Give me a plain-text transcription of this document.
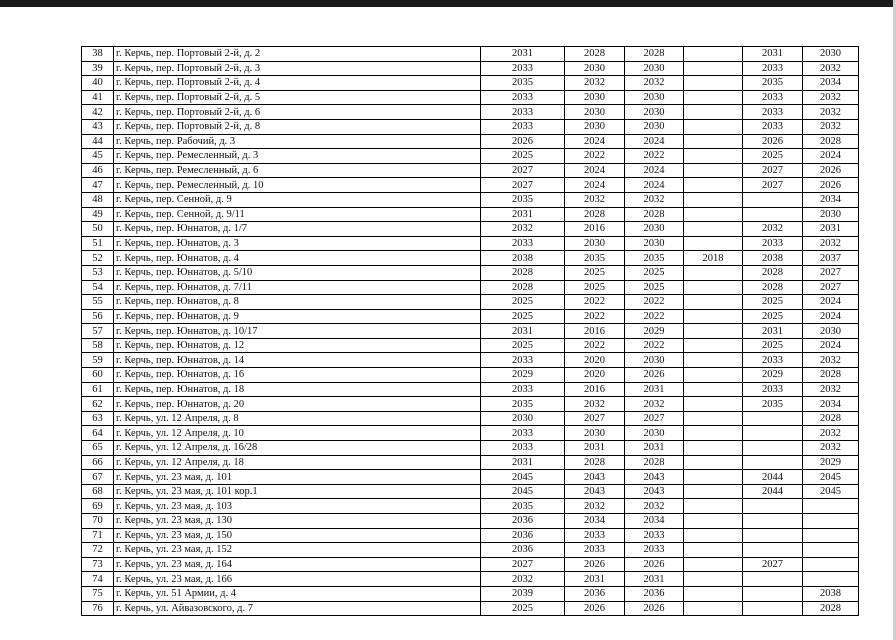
38	г. Керчь, пер. Портовый 2-й, д. 2	2031	2028	2028		2031	2030
39	г. Керчь, пер. Портовый 2-й, д. 3	2033	2030	2030		2033	2032
40	г. Керчь, пер. Портовый 2-й, д. 4	2035	2032	2032		2035	2034
41	г. Керчь, пер. Портовый 2-й, д. 5	2033	2030	2030		2033	2032
42	г. Керчь, пер. Портовый 2-й, д. 6	2033	2030	2030		2033	2032
43	г. Керчь, пер. Портовый 2-й, д. 8	2033	2030	2030		2033	2032
44	г. Керчь, пер. Рабочий, д. 3	2026	2024	2024		2026	2028
45	г. Керчь, пер. Ремесленный, д. 3	2025	2022	2022		2025	2024
46	г. Керчь, пер. Ремесленный, д. 6	2027	2024	2024		2027	2026
47	г. Керчь, пер. Ремесленный, д. 10	2027	2024	2024		2027	2026
48	г. Керчь, пер. Сенной, д. 9	2035	2032	2032			2034
49	г. Керчь, пер. Сенной, д. 9/11	2031	2028	2028			2030
50	г. Керчь, пер. Юннатов, д. 1/7	2032	2016	2030		2032	2031
51	г. Керчь, пер. Юннатов, д. 3	2033	2030	2030		2033	2032
52	г. Керчь, пер. Юннатов, д. 4	2038	2035	2035	2018	2038	2037
53	г. Керчь, пер. Юннатов, д. 5/10	2028	2025	2025		2028	2027
54	г. Керчь, пер. Юннатов, д. 7/11	2028	2025	2025		2028	2027
55	г. Керчь, пер. Юннатов, д. 8	2025	2022	2022		2025	2024
56	г. Керчь, пер. Юннатов, д. 9	2025	2022	2022		2025	2024
57	г. Керчь, пер. Юннатов, д. 10/17	2031	2016	2029		2031	2030
58	г. Керчь, пер. Юннатов, д. 12	2025	2022	2022		2025	2024
59	г. Керчь, пер. Юннатов, д. 14	2033	2020	2030		2033	2032
60	г. Керчь, пер. Юннатов, д. 16	2029	2020	2026		2029	2028
61	г. Керчь, пер. Юннатов, д. 18	2033	2016	2031		2033	2032
62	г. Керчь, пер. Юннатов, д. 20	2035	2032	2032		2035	2034
63	г. Керчь, ул. 12 Апреля, д. 8	2030	2027	2027			2028
64	г. Керчь, ул. 12 Апреля, д. 10	2033	2030	2030			2032
65	г. Керчь, ул. 12 Апреля, д. 16/28	2033	2031	2031			2032
66	г. Керчь, ул. 12 Апреля, д. 18	2031	2028	2028			2029
67	г. Керчь, ул. 23 мая, д. 101	2045	2043	2043		2044	2045
68	г. Керчь, ул. 23 мая, д. 101 кор.1	2045	2043	2043		2044	2045
69	г. Керчь, ул. 23 мая, д. 103	2035	2032	2032			
70	г. Керчь, ул. 23 мая, д. 130	2036	2034	2034			
71	г. Керчь, ул. 23 мая, д. 150	2036	2033	2033			
72	г. Керчь, ул. 23 мая, д. 152	2036	2033	2033			
73	г. Керчь, ул. 23 мая, д. 164	2027	2026	2026		2027	
74	г. Керчь, ул. 23 мая, д. 166	2032	2031	2031			
75	г. Керчь, ул. 51 Армии, д. 4	2039	2036	2036			2038
76	г. Керчь, ул. Айвазовского, д. 7	2025	2026	2026			2028
